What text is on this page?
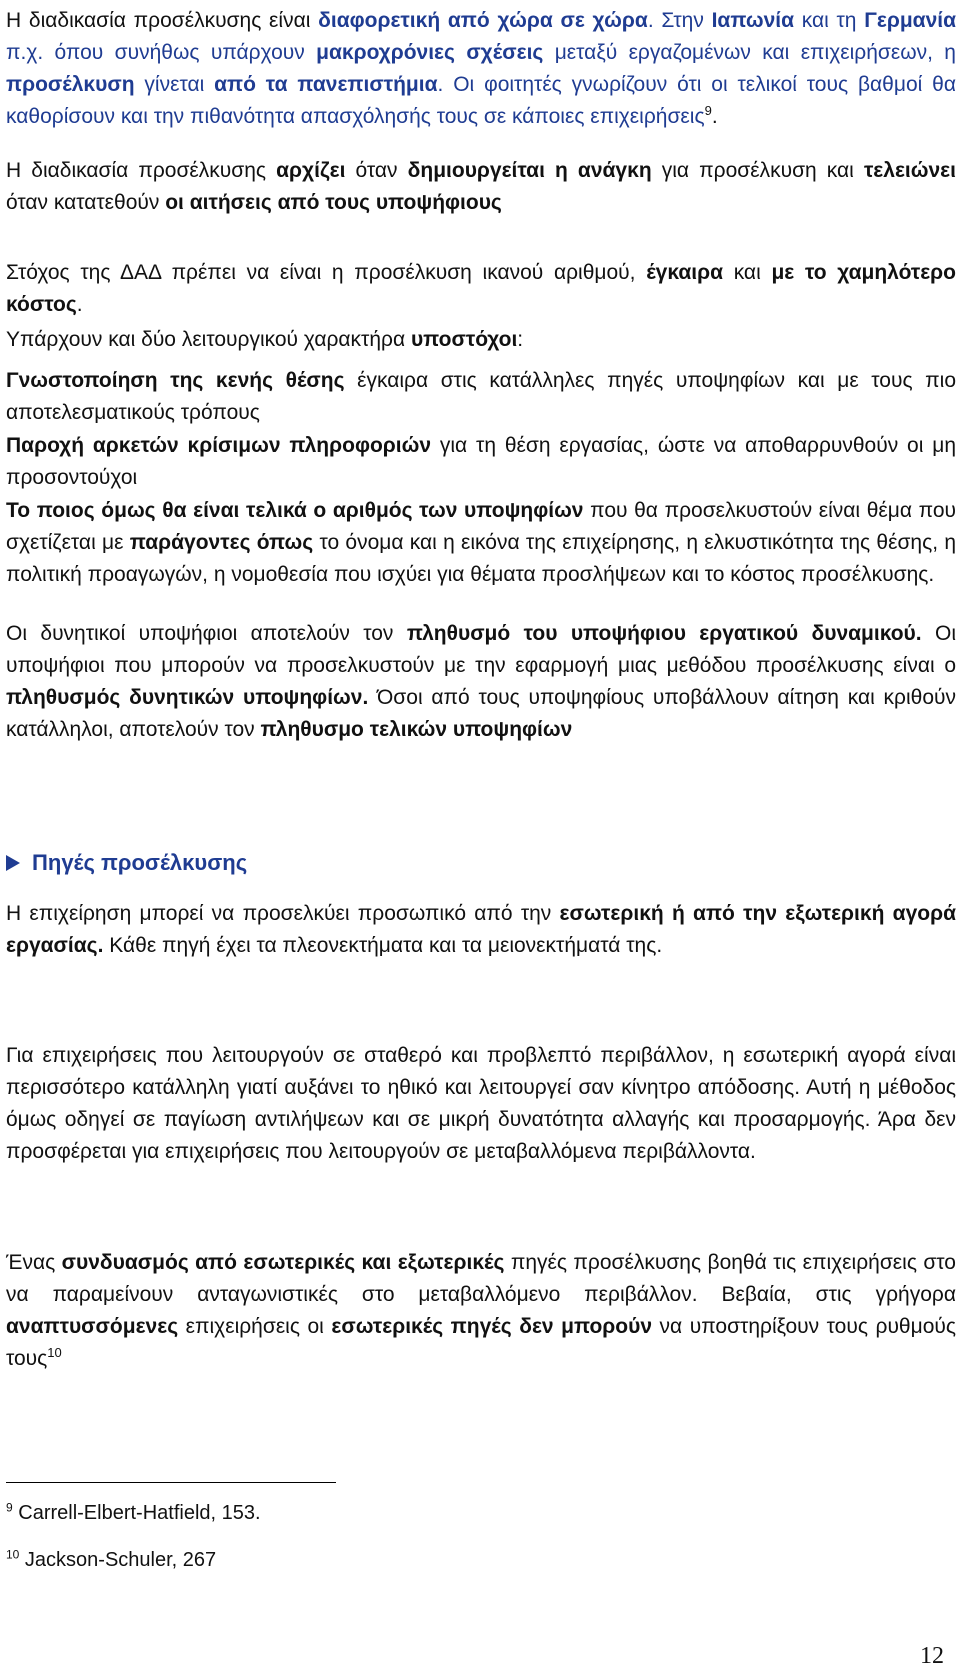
Η διαδικασία προσέλκυσης είναι διαφορετική από χώρα σε χώρα. Στην Ιαπωνία και τη Γερμανία π.χ. όπου συνήθως υπάρχουν μακροχρόνιες σχέσεις μεταξύ εργαζομένων και επιχειρήσεων, η προσέλκυση γίνεται από τα πανεπιστήμια. Οι φοιτητές γνωρίζουν ότι οι τελικοί τους βαθμοί θα καθορίσουν και την πιθανότητα απασχόλησής τους σε κάποιες επιχειρήσεις$^9$.

Η διαδικασία προσέλκυσης αρχίζει όταν δημιουργείται η ανάγκη για προσέλκυση και τελειώνει όταν κατατεθούν οι αιτήσεις από τους υποψήφιους

Στόχος της ΔΑΔ πρέπει να είναι η προσέλκυση ικανού αριθμού, έγκαιρα και με το χαμηλότερο κόστος.

Υπάρχουν και δύο λειτουργικού χαρακτήρα υποστόχοι:

Γνωστοποίηση της κενής θέσης έγκαιρα στις κατάλληλες πηγές υποψηφίων και με τους πιο αποτελεσματικούς τρόπους

Παροχή αρκετών κρίσιμων πληροφοριών για τη θέση εργασίας, ώστε να αποθαρρυνθούν οι μη προσοντούχοι

Το ποιος όμως θα είναι τελικά ο αριθμός των υποψηφίων που θα προσελκυστούν είναι θέμα που σχετίζεται με παράγοντες όπως το όνομα και η εικόνα της επιχείρησης, η ελκυστικότητα της θέσης, η πολιτική προαγωγών, η νομοθεσία που ισχύει για θέματα προσλήψεων και το κόστος προσέλκυσης.

Οι δυνητικοί υποψήφιοι αποτελούν τον πληθυσμό του υποψήφιου εργατικού δυναμικού. Οι υποψήφιοι που μπορούν να προσελκυστούν με την εφαρμογή μιας μεθόδου προσέλκυσης είναι ο πληθυσμός δυνητικών υποψηφίων. Όσοι από τους υποψηφίους υποβάλλουν αίτηση και κριθούν κατάλληλοι, αποτελούν τον πληθυσμο τελικών υποψηφίων

Πηγές προσέλκυσης

Η επιχείρηση μπορεί να προσελκύει προσωπικό από την εσωτερική ή από την εξωτερική αγορά εργασίας. Κάθε πηγή έχει τα πλεονεκτήματα και τα μειονεκτήματά της.

Για επιχειρήσεις που λειτουργούν σε σταθερό και προβλεπτό περιβάλλον, η εσωτερική αγορά είναι περισσότερο κατάλληλη γιατί αυξάνει το ηθικό και λειτουργεί σαν κίνητρο απόδοσης. Αυτή η μέθοδος όμως οδηγεί σε παγίωση αντιλήψεων και σε μικρή δυνατότητα αλλαγής και προσαρμογής. Άρα δεν προσφέρεται για επιχειρήσεις που λειτουργούν σε μεταβαλλόμενα περιβάλλοντα.

Ένας συνδυασμός από εσωτερικές και εξωτερικές πηγές προσέλκυσης βοηθά τις επιχειρήσεις στο να παραμείνουν ανταγωνιστικές στο μεταβαλλόμενο περιβάλλον. Βεβαία, στις γρήγορα αναπτυσσόμενες επιχειρήσεις οι εσωτερικές πηγές δεν μπορούν να υποστηρίξουν τους ρυθμούς τους$^{10}$

$^9$ Carrell-Elbert-Hatfield, 153.
$^{10}$ Jackson-Schuler, 267
12
